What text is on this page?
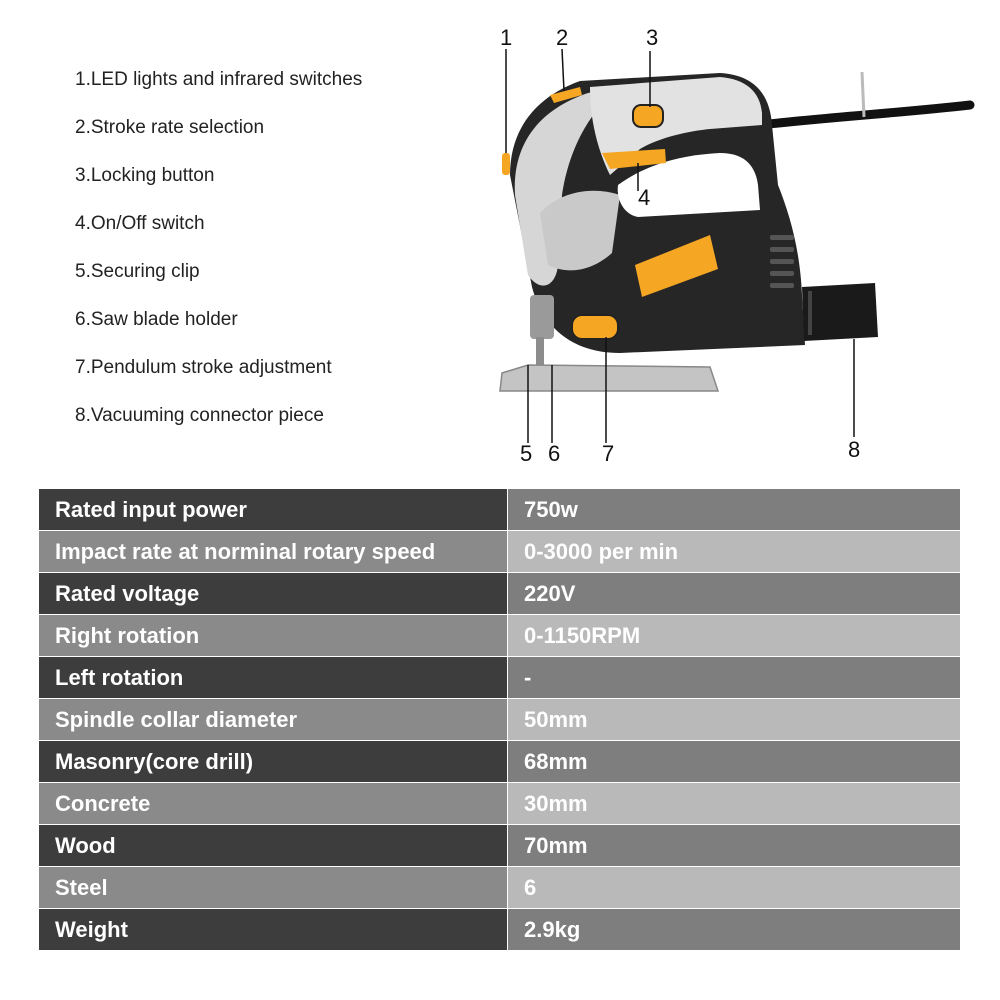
1.LED lights and infrared switches
2.Stroke rate selection
3.Locking button
4.On/Off switch
5.Securing clip
6.Saw blade holder
7.Pendulum stroke adjustment
8.Vacuuming connector piece
1 2	3
4
5 6 7	8
Rated input power	750w
Impact rate at norminal rotary speed	0-3000 per min
Rated voltage	220V
Right rotation	0-1150RPM
Left rotation	-
Spindle collar diameter	50mm
Masonry(core drill)	68mm
Concrete	30mm
Wood	70mm
Steel	6
Weight	2.9kg
